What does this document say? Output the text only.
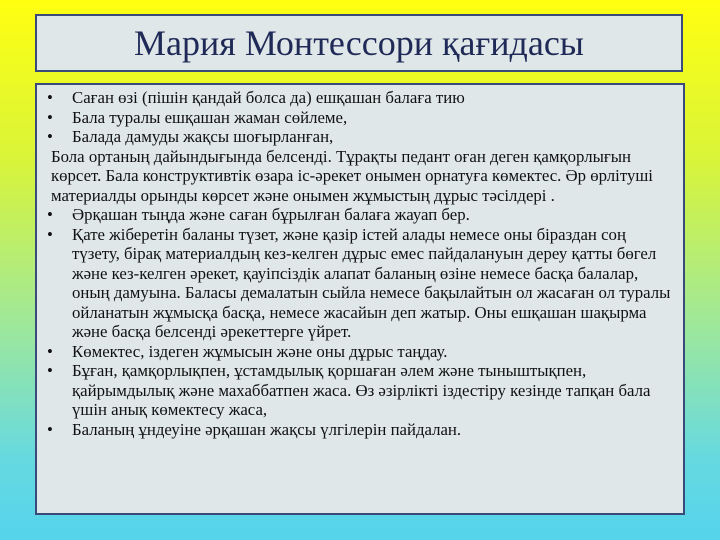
Мария Монтессори қағидасы
• Саған өзі (пішін қандай болса да) ешқашан балаға тию
• Бала туралы ешқашан жаман сөйлеме,
• Балада дамуды жақсы шоғырланған,

Бола ортаның дайындығында белсенді. Тұрақты педант оған деген қамқорлығын көрсет. Бала конструктивтік өзара іс-әрекет онымен орнатуға көмектес. Әр өрлітуші материалды орынды көрсет және онымен жұмыстың дұрыс тәсілдері .

• Әрқашан тыңда және саған бұрылған балаға жауап бер.
• Қате жіберетін баланы түзет, және қазір істей алады немесе оны біраздан соң түзету, бірақ материалдың кез-келген дұрыс емес пайдалануын дереу қатты бөгел және кез-келген әрекет, қауіпсіздік алапат баланың өзіне немесе басқа балалар, оның дамуына. Баласы демалатын сыйла немесе бақылайтын ол жасаған ол туралы ойланатын жұмысқа басқа, немесе жасайын деп жатыр. Оны ешқашан шақырма және басқа белсенді әрекеттерге үйрет.
• Көмектес, іздеген жұмысын және оны дұрыс таңдау.
• Бұған, қамқорлықпен, ұстамдылық қоршаған әлем және тыныштықпен, қайрымдылық және махаббатпен жаса. Өз әзірлікті іздестіру кезінде тапқан бала үшін анық көмектесу жаса,
• Баланың ұндеуіне әрқашан жақсы үлгілерін пайдалан.
